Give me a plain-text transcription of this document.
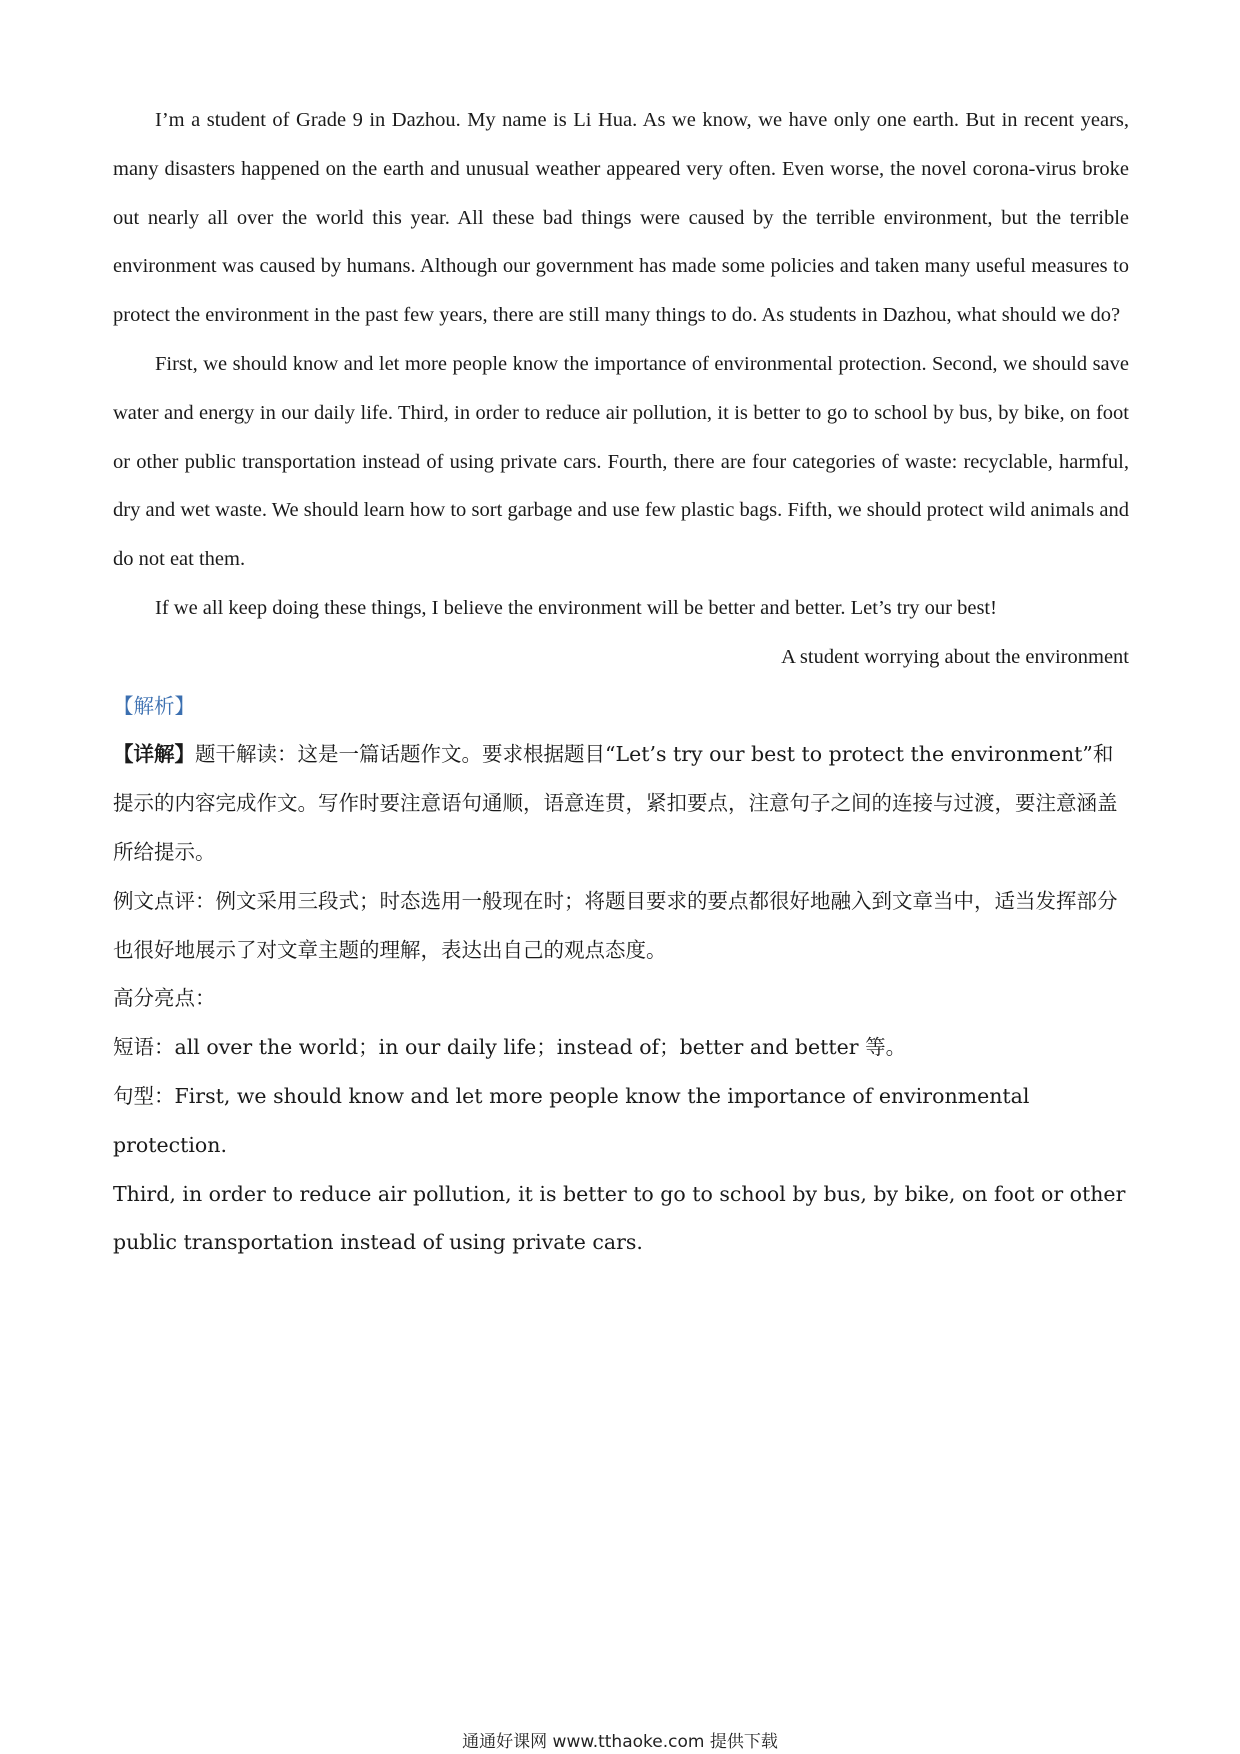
I’m a student of Grade 9 in Dazhou. My name is Li Hua. As we know, we have only one earth. But in recent years, many disasters happened on the earth and unusual weather appeared very often. Even worse, the novel corona-virus broke out nearly all over the world this year. All these bad things were caused by the terrible environment, but the terrible environment was caused by humans. Although our government has made some policies and taken many useful measures to protect the environment in the past few years, there are still many things to do. As students in Dazhou, what should we do?

First, we should know and let more people know the importance of environmental protection. Second, we should save water and energy in our daily life. Third, in order to reduce air pollution, it is better to go to school by bus, by bike, on foot or other public transportation instead of using private cars. Fourth, there are four categories of waste: recyclable, harmful, dry and wet waste. We should learn how to sort garbage and use few plastic bags. Fifth, we should protect wild animals and do not eat them.

If we all keep doing these things, I believe the environment will be better and better. Let’s try our best!

A student worrying about the environment

【解析】

【详解】题干解读：这是一篇话题作文。要求根据题目“Let’s try our best to protect the environment”和提示的内容完成作文。写作时要注意语句通顺，语意连贯，紧扣要点，注意句子之间的连接与过渡，要注意涵盖所给提示。

例文点评：例文采用三段式；时态选用一般现在时；将题目要求的要点都很好地融入到文章当中，适当发挥部分也很好地展示了对文章主题的理解，表达出自己的观点态度。

高分亮点：

短语：all over the world；in our daily life；instead of；better and better 等。

句型：First, we should know and let more people know the importance of environmental protection.

Third, in order to reduce air pollution, it is better to go to school by bus, by bike, on foot or other public transportation instead of using private cars.

通通好课网 www.tthaoke.com 提供下载
